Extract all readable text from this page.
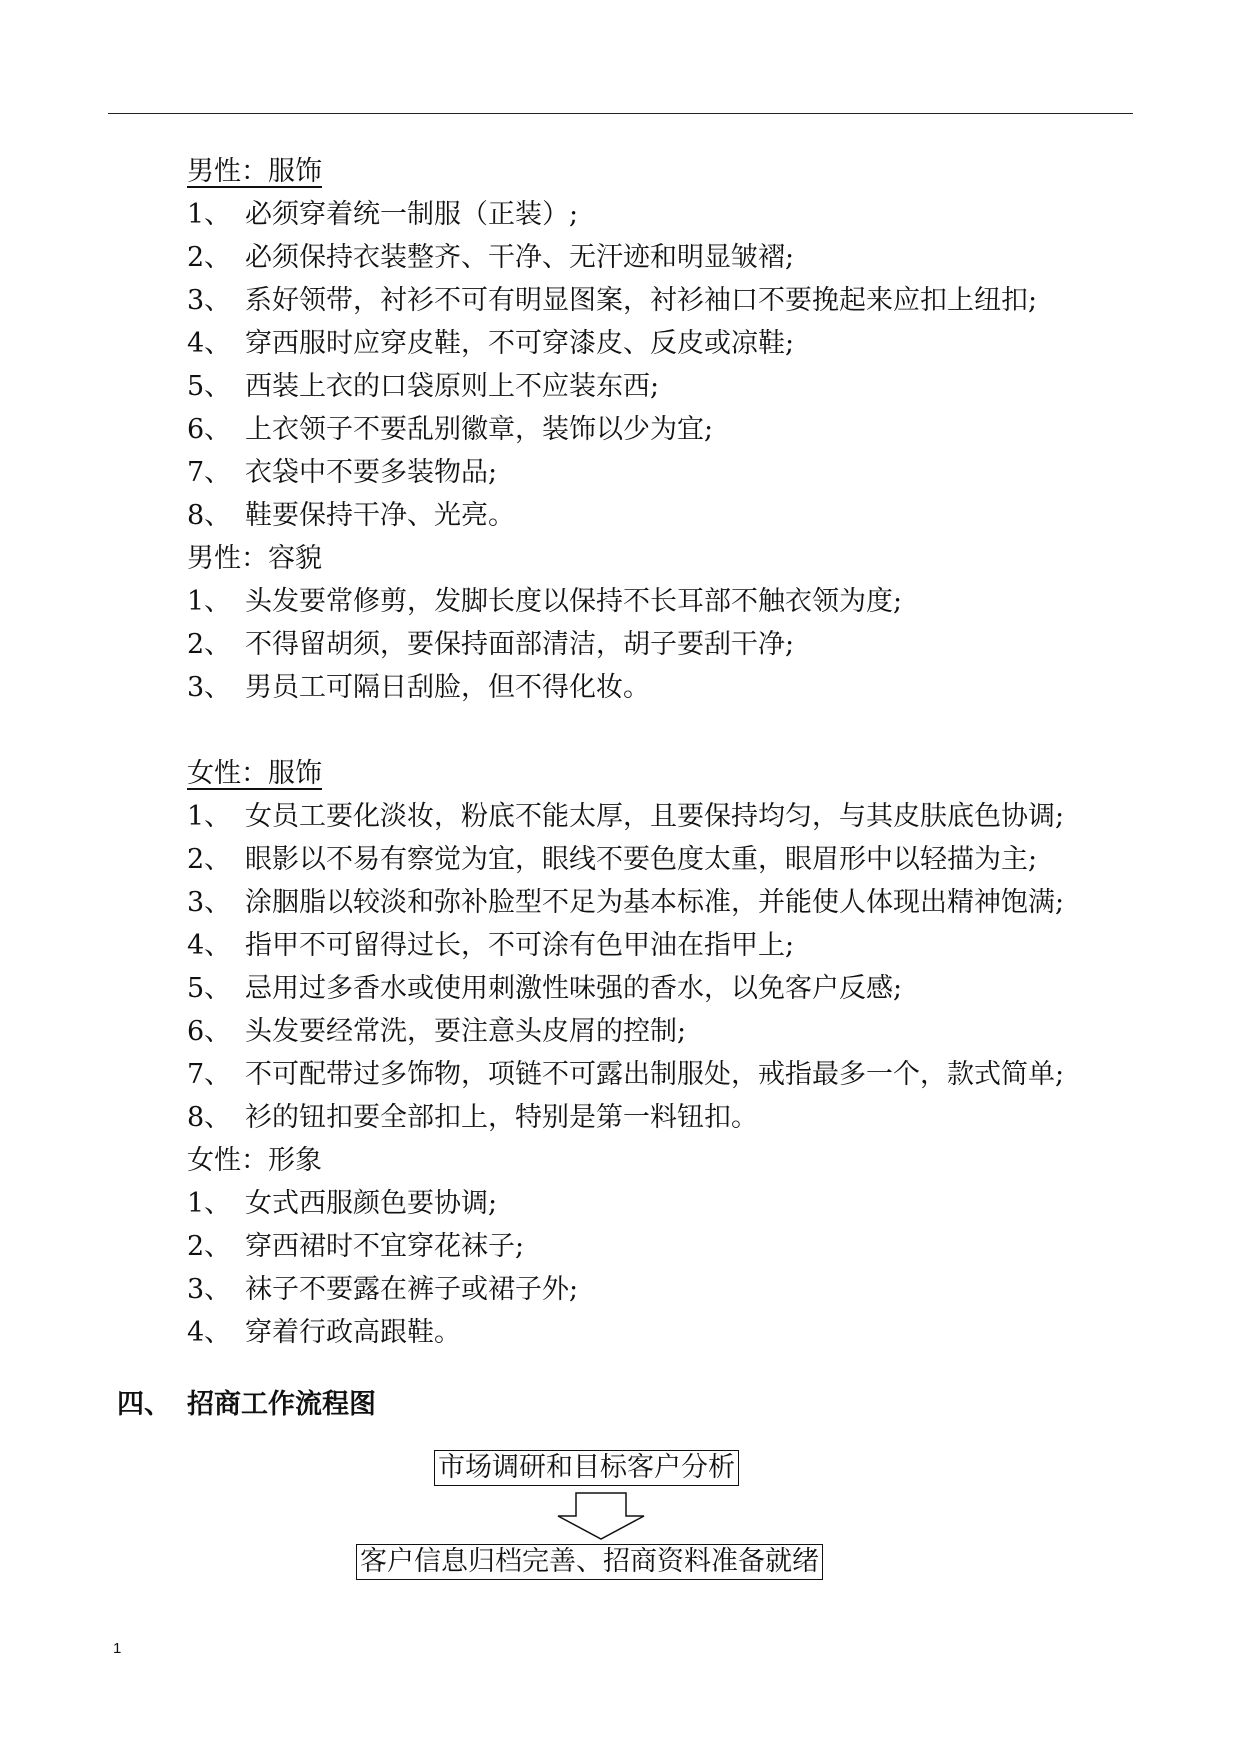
男性：服饰
1、 必须穿着统一制服（正装）;
2、 必须保持衣装整齐、干净、无汗迹和明显皱褶;
3、 系好领带，衬衫不可有明显图案，衬衫袖口不要挽起来应扣上纽扣;
4、 穿西服时应穿皮鞋，不可穿漆皮、反皮或凉鞋;
5、 西装上衣的口袋原则上不应装东西;
6、 上衣领子不要乱别徽章，装饰以少为宜;
7、 衣袋中不要多装物品;
8、 鞋要保持干净、光亮。
男性：容貌
1、 头发要常修剪，发脚长度以保持不长耳部不触衣领为度;
2、 不得留胡须，要保持面部清洁，胡子要刮干净;
3、 男员工可隔日刮脸，但不得化妆。
女性：服饰
1、 女员工要化淡妆，粉底不能太厚，且要保持均匀，与其皮肤底色协调;
2、 眼影以不易有察觉为宜，眼线不要色度太重，眼眉形中以轻描为主;
3、 涂胭脂以较淡和弥补脸型不足为基本标准，并能使人体现出精神饱满;
4、 指甲不可留得过长，不可涂有色甲油在指甲上;
5、 忌用过多香水或使用刺激性味强的香水，以免客户反感;
6、 头发要经常洗，要注意头皮屑的控制;
7、 不可配带过多饰物，项链不可露出制服处，戒指最多一个，款式简单;
8、 衫的钮扣要全部扣上，特别是第一料钮扣。
女性：形象
1、 女式西服颜色要协调;
2、 穿西裙时不宜穿花袜子;
3、 袜子不要露在裤子或裙子外;
4、 穿着行政高跟鞋。
四、 招商工作流程图
市场调研和目标客户分析
客户信息归档完善、招商资料准备就绪
1
